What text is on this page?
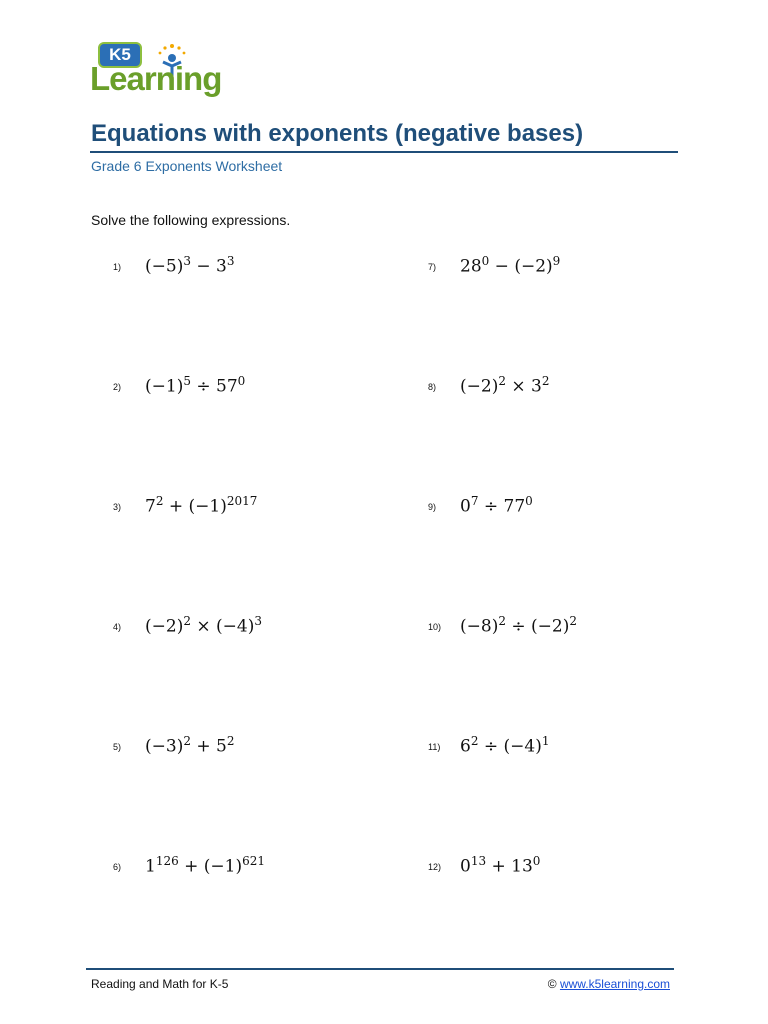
K5
Learning
Equations with exponents (negative bases)
Grade 6 Exponents Worksheet
Solve the following expressions.
1) $(-5)^3 - 3^3$
2) $(-1)^5 \div 57^0$
3) $7^2 + (-1)^{2017}$
4) $(-2)^2 \times (-4)^3$
5) $(-3)^2 + 5^2$
6) $1^{126} + (-1)^{621}$
7) $28^0 - (-2)^9$
8) $(-2)^2 \times 3^2$
9) $0^7 \div 77^0$
10) $(-8)^2 \div (-2)^2$
11) $6^2 \div (-4)^1$
12) $0^{13} + 13^0$
Reading and Math for K-5	© www.k5learning.com
